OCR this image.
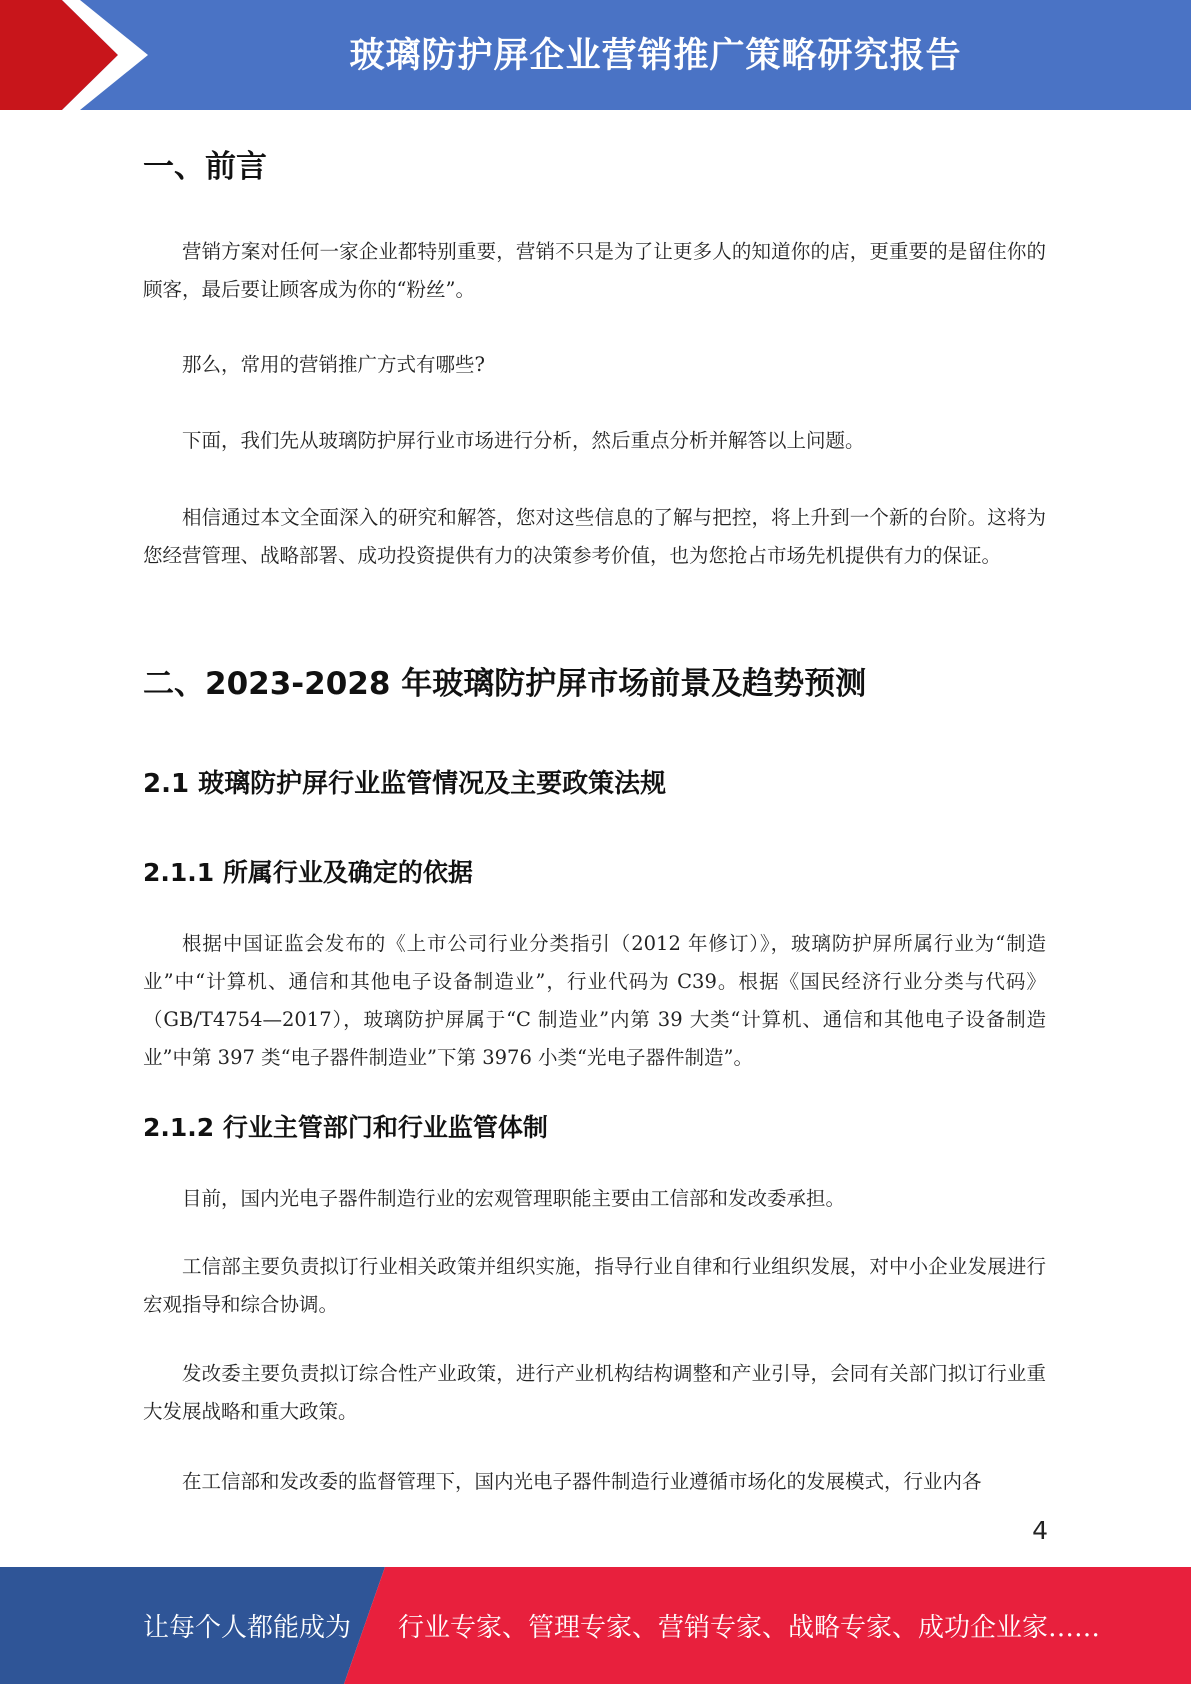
玻璃防护屏企业营销推广策略研究报告
一、前言

营销方案对任何一家企业都特别重要，营销不只是为了让更多人的知道你的店，更重要的是留住你的顾客，最后要让顾客成为你的“粉丝”。

那么，常用的营销推广方式有哪些?

下面，我们先从玻璃防护屏行业市场进行分析，然后重点分析并解答以上问题。

相信通过本文全面深入的研究和解答，您对这些信息的了解与把控，将上升到一个新的台阶。这将为您经营管理、战略部署、成功投资提供有力的决策参考价值，也为您抢占市场先机提供有力的保证。

二、2023-2028 年玻璃防护屏市场前景及趋势预测
2.1 玻璃防护屏行业监管情况及主要政策法规
2.1.1 所属行业及确定的依据

根据中国证监会发布的《上市公司行业分类指引（2012 年修订）》，玻璃防护屏所属行业为“制造业”中“计算机、通信和其他电子设备制造业”，行业代码为 C39。根据《国民经济行业分类与代码》（GB/T4754—2017），玻璃防护屏属于“C 制造业”内第 39 大类“计算机、通信和其他电子设备制造业”中第 397 类“电子器件制造业”下第 3976 小类“光电子器件制造”。

2.1.2 行业主管部门和行业监管体制

目前，国内光电子器件制造行业的宏观管理职能主要由工信部和发改委承担。

工信部主要负责拟订行业相关政策并组织实施，指导行业自律和行业组织发展，对中小企业发展进行宏观指导和综合协调。

发改委主要负责拟订综合性产业政策，进行产业机构结构调整和产业引导，会同有关部门拟订行业重大发展战略和重大政策。

在工信部和发改委的监督管理下，国内光电子器件制造行业遵循市场化的发展模式，行业内各

4
让每个人都能成为 行业专家、管理专家、营销专家、战略专家、成功企业家……
